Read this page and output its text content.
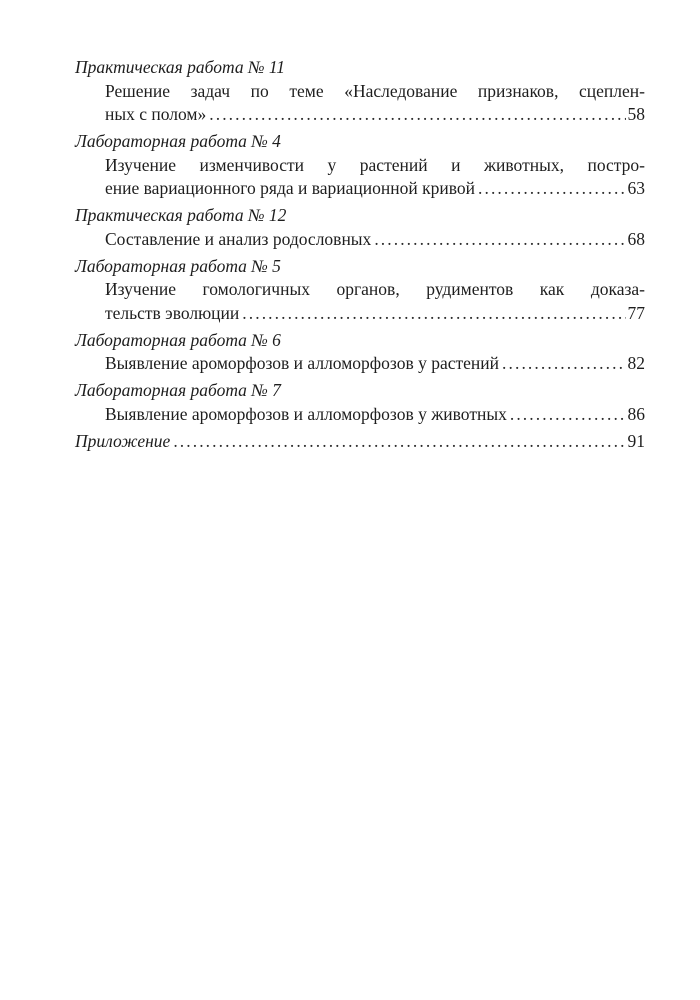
Практическая работа № 11
Решение задач по теме «Наследование признаков, сцеплен-
ных с полом» .....	58
Лабораторная работа № 4
Изучение изменчивости у растений и животных, постро-
ение вариационного ряда и вариационной кривой .....	63
Практическая работа № 12
Составление и анализ родословных .....	68
Лабораторная работа № 5
Изучение гомологичных органов, рудиментов как доказа-
тельств эволюции .....	77
Лабораторная работа № 6
Выявление ароморфозов и алломорфозов у растений .....	82
Лабораторная работа № 7
Выявление ароморфозов и алломорфозов у животных .....	86
Приложение .....	91
